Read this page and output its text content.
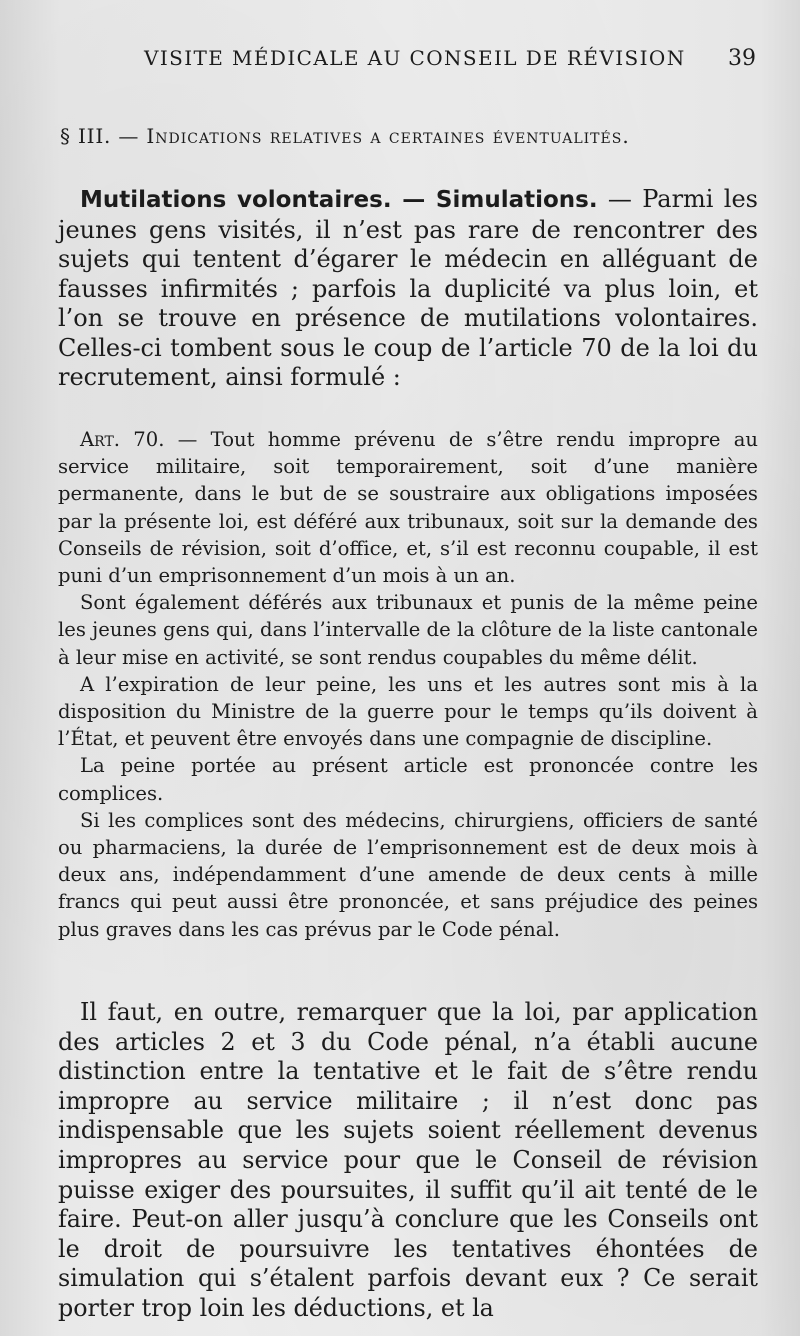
VISITE MÉDICALE AU CONSEIL DE RÉVISION 39
§ III. — Indications relatives a certaines éventualités.

Mutilations volontaires. — Simulations. — Parmi les jeunes gens visités, il n’est pas rare de rencontrer des sujets qui tentent d’égarer le médecin en alléguant de fausses infirmités ; parfois la duplicité va plus loin, et l’on se trouve en présence de mutilations volontaires. Celles-ci tombent sous le coup de l’article 70 de la loi du recrutement, ainsi formulé :

Art. 70. — Tout homme prévenu de s’être rendu impropre au service militaire, soit temporairement, soit d’une manière permanente, dans le but de se soustraire aux obligations imposées par la présente loi, est déféré aux tribunaux, soit sur la demande des Conseils de révision, soit d’office, et, s’il est reconnu coupable, il est puni d’un emprisonnement d’un mois à un an.

Sont également déférés aux tribunaux et punis de la même peine les jeunes gens qui, dans l’intervalle de la clôture de la liste cantonale à leur mise en activité, se sont rendus coupables du même délit.

A l’expiration de leur peine, les uns et les autres sont mis à la disposition du Ministre de la guerre pour le temps qu’ils doivent à l’État, et peuvent être envoyés dans une compagnie de discipline.

La peine portée au présent article est prononcée contre les complices.

Si les complices sont des médecins, chirurgiens, officiers de santé ou pharmaciens, la durée de l’emprisonnement est de deux mois à deux ans, indépendamment d’une amende de deux cents à mille francs qui peut aussi être prononcée, et sans préjudice des peines plus graves dans les cas prévus par le Code pénal.

Il faut, en outre, remarquer que la loi, par application des articles 2 et 3 du Code pénal, n’a établi aucune distinction entre la tentative et le fait de s’être rendu impropre au service militaire ; il n’est donc pas indispensable que les sujets soient réellement devenus impropres au service pour que le Conseil de révision puisse exiger des poursuites, il suffit qu’il ait tenté de le faire. Peut-on aller jusqu’à conclure que les Conseils ont le droit de poursuivre les tentatives éhontées de simulation qui s’étalent parfois devant eux ? Ce serait porter trop loin les déductions, et la
